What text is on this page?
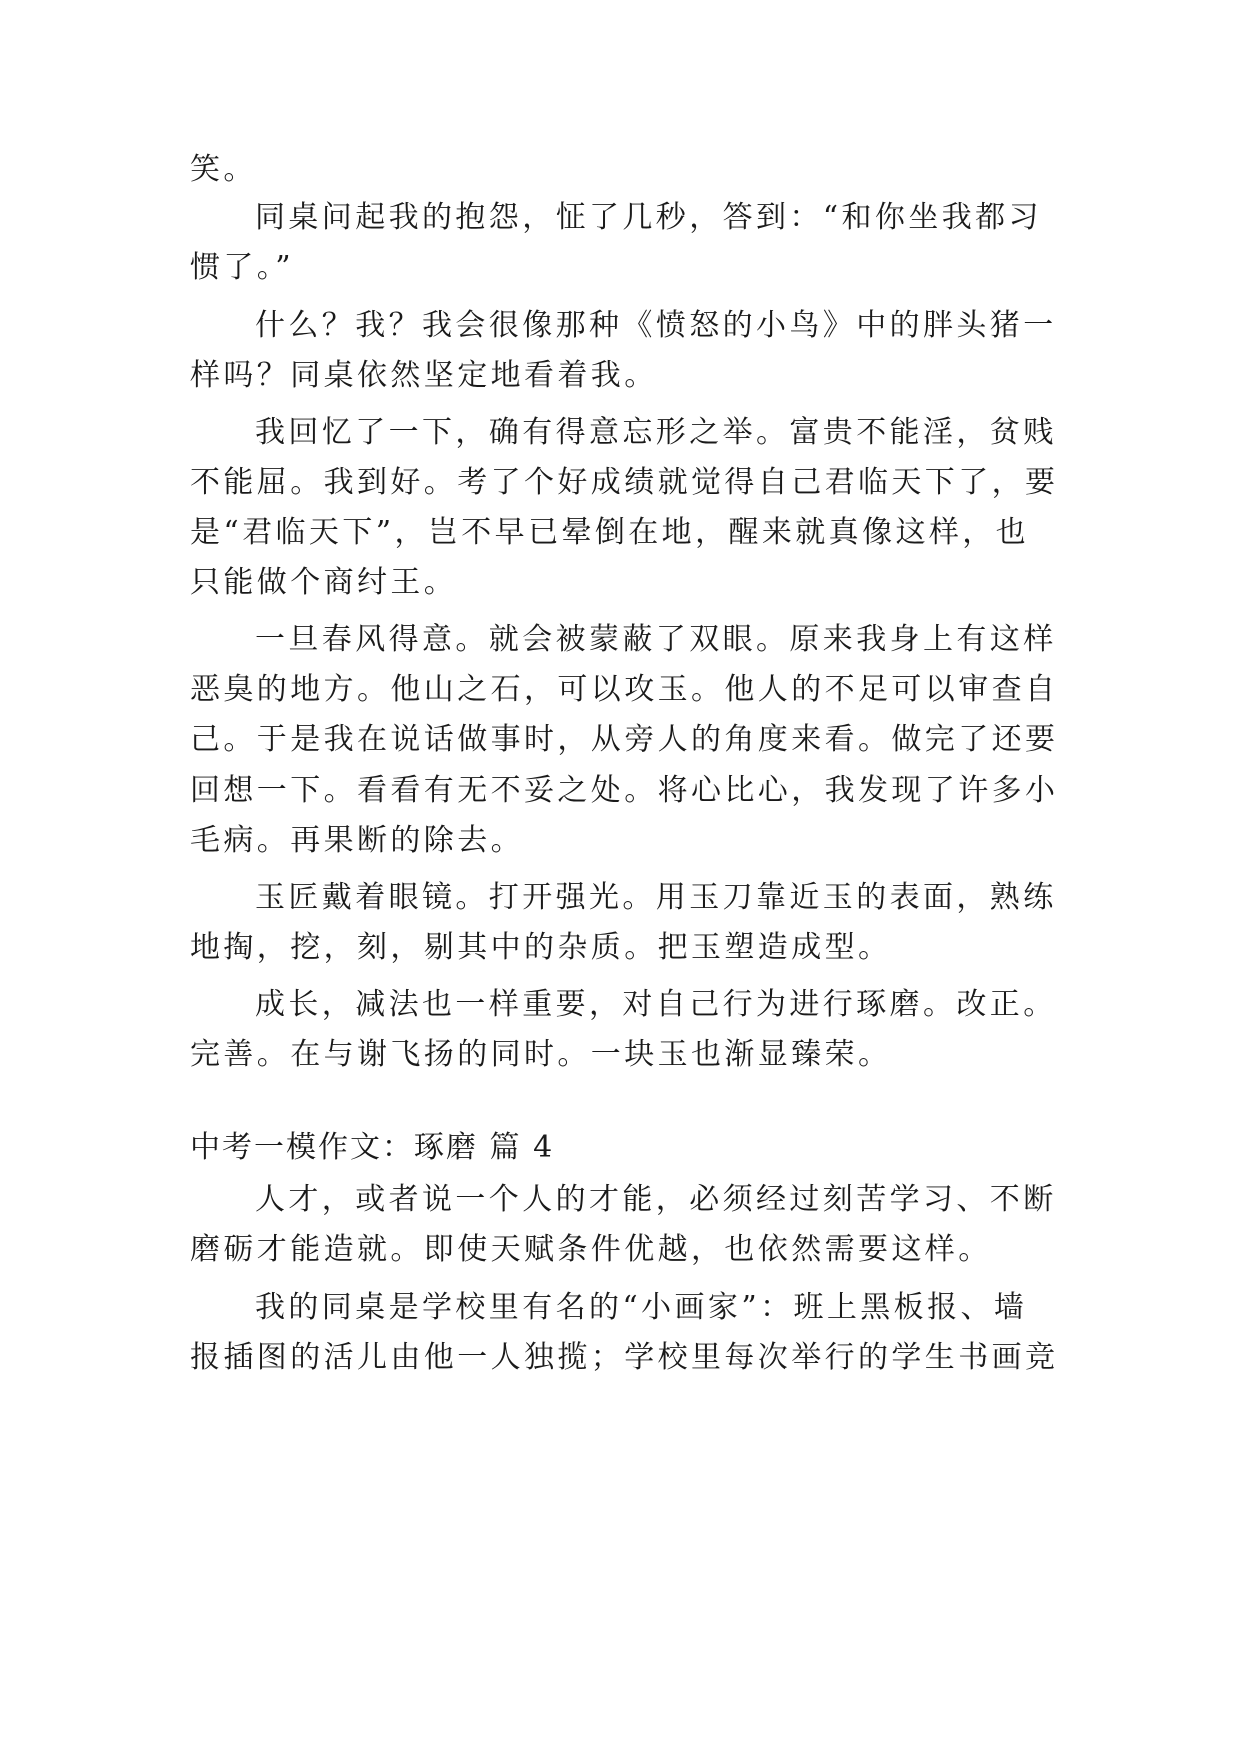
笑。
同桌问起我的抱怨，怔了几秒，答到：“和你坐我都习
惯了。”
什么？我？我会很像那种《愤怒的小鸟》中的胖头猪一
样吗？同桌依然坚定地看着我。
我回忆了一下，确有得意忘形之举。富贵不能淫，贫贱
不能屈。我到好。考了个好成绩就觉得自己君临天下了，要
是“君临天下”，岂不早已晕倒在地，醒来就真像这样，也
只能做个商纣王。
一旦春风得意。就会被蒙蔽了双眼。原来我身上有这样
恶臭的地方。他山之石，可以攻玉。他人的不足可以审查自
己。于是我在说话做事时，从旁人的角度来看。做完了还要
回想一下。看看有无不妥之处。将心比心，我发现了许多小
毛病。再果断的除去。
玉匠戴着眼镜。打开强光。用玉刀靠近玉的表面，熟练
地掏，挖，刻，剔其中的杂质。把玉塑造成型。
成长，减法也一样重要，对自己行为进行琢磨。改正。
完善。在与谢飞扬的同时。一块玉也渐显臻荣。
中考一模作文：琢磨 篇 4
人才，或者说一个人的才能，必须经过刻苦学习、不断
磨砺才能造就。即使天赋条件优越，也依然需要这样。
我的同桌是学校里有名的“小画家”：班上黑板报、墙
报插图的活儿由他一人独揽；学校里每次举行的学生书画竞
